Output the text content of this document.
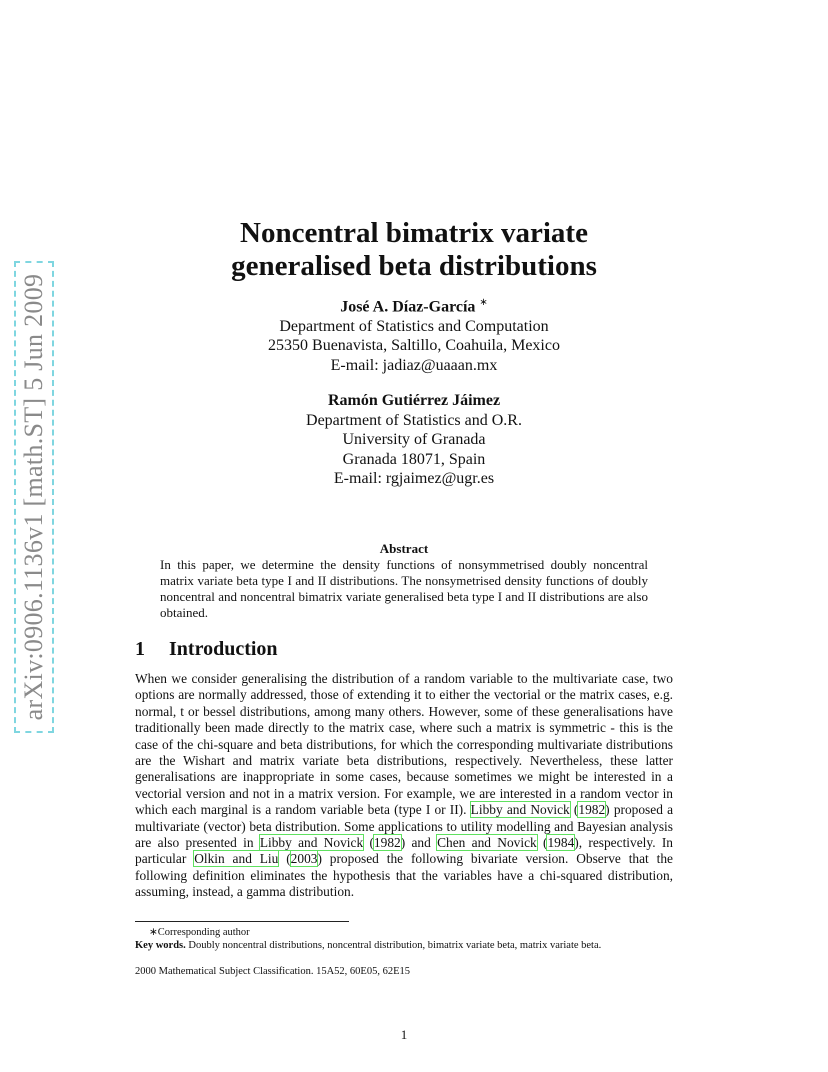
arXiv:0906.1136v1 [math.ST] 5 Jun 2009
Noncentral bimatrix variate
generalised beta distributions
José A. Díaz-García ∗
Department of Statistics and Computation
25350 Buenavista, Saltillo, Coahuila, Mexico
E-mail: jadiaz@uaaan.mx
Ramón Gutiérrez Jáimez
Department of Statistics and O.R.
University of Granada
Granada 18071, Spain
E-mail: rgjaimez@ugr.es
Abstract
In this paper, we determine the density functions of nonsymmetrised doubly noncentral matrix variate beta type I and II distributions. The nonsymetrised density functions of doubly noncentral and noncentral bimatrix variate generalised beta type I and II distributions are also obtained.
1 Introduction
When we consider generalising the distribution of a random variable to the multivariate case, two options are normally addressed, those of extending it to either the vectorial or the matrix cases, e.g. normal, t or bessel distributions, among many others. However, some of these generalisations have traditionally been made directly to the matrix case, where such a matrix is symmetric - this is the case of the chi-square and beta distributions, for which the corresponding multivariate distributions are the Wishart and matrix variate beta distributions, respectively. Nevertheless, these latter generalisations are inappropriate in some cases, because sometimes we might be interested in a vectorial version and not in a matrix version. For example, we are interested in a random vector in which each marginal is a random variable beta (type I or II). Libby and Novick (1982) proposed a multivariate (vector) beta distribution. Some applications to utility modelling and Bayesian analysis are also presented in Libby and Novick (1982) and Chen and Novick (1984), respectively. In particular Olkin and Liu (2003) proposed the following bivariate version. Observe that the following definition eliminates the hypothesis that the variables have a chi-squared distribution, assuming, instead, a gamma distribution.
∗Corresponding author
Key words. Doubly noncentral distributions, noncentral distribution, bimatrix variate beta, matrix variate beta.
2000 Mathematical Subject Classification. 15A52, 60E05, 62E15
1
